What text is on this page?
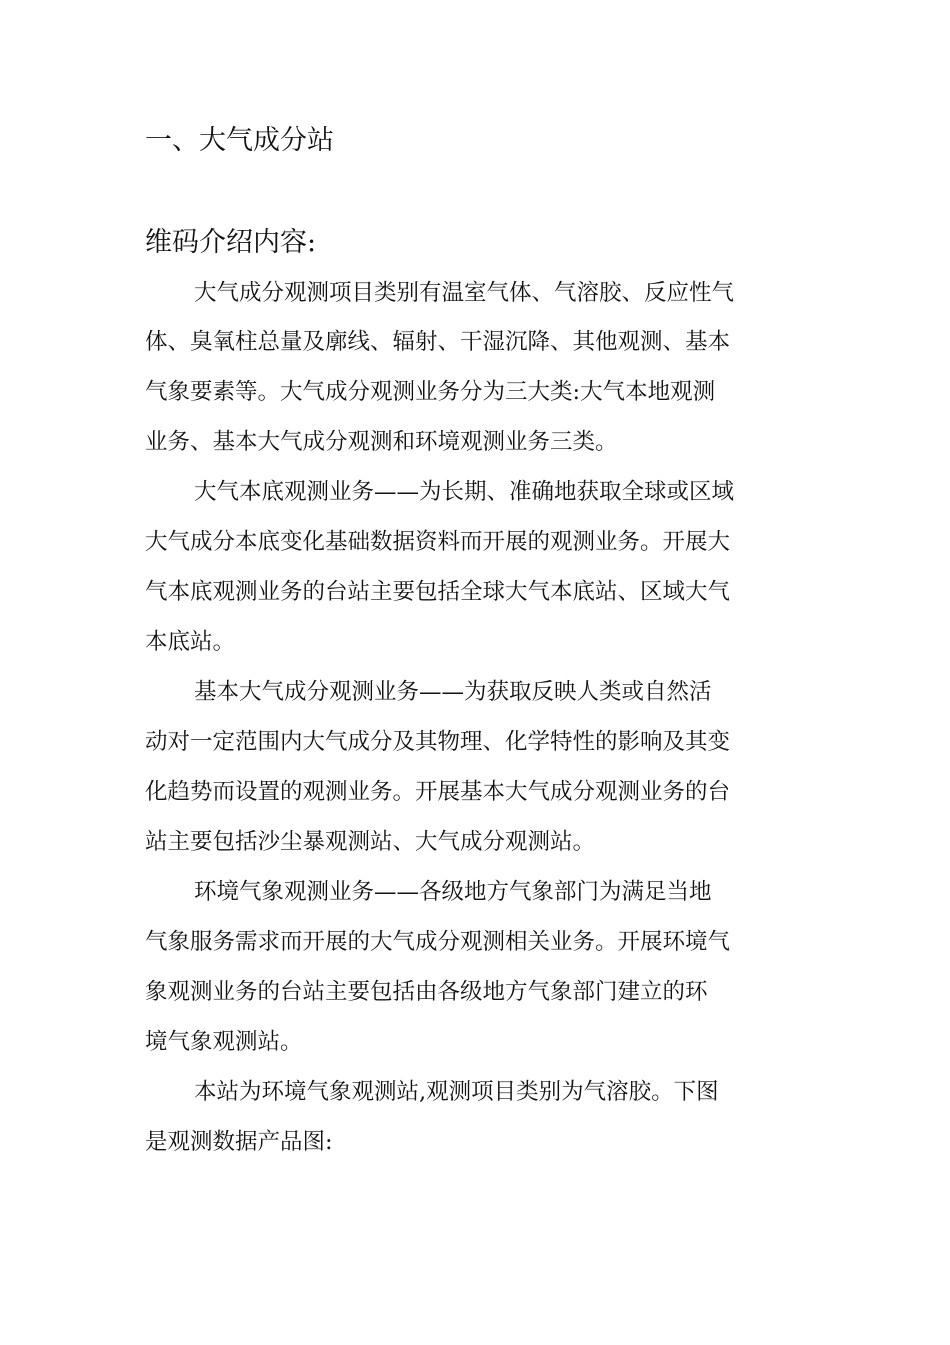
一、大气成分站
维码介绍内容:

大气成分观测项目类别有温室气体、气溶胶、反应性气

体、臭氧柱总量及廓线、辐射、干湿沉降、其他观测、基本

气象要素等。大气成分观测业务分为三大类:大气本地观测

业务、基本大气成分观测和环境观测业务三类。

大气本底观测业务——为长期、准确地获取全球或区域

大气成分本底变化基础数据资料而开展的观测业务。开展大

气本底观测业务的台站主要包括全球大气本底站、区域大气

本底站。

基本大气成分观测业务——为获取反映人类或自然活

动对一定范围内大气成分及其物理、化学特性的影响及其变

化趋势而设置的观测业务。开展基本大气成分观测业务的台

站主要包括沙尘暴观测站、大气成分观测站。

环境气象观测业务——各级地方气象部门为满足当地

气象服务需求而开展的大气成分观测相关业务。开展环境气

象观测业务的台站主要包括由各级地方气象部门建立的环

境气象观测站。

本站为环境气象观测站,观测项目类别为气溶胶。下图

是观测数据产品图:
